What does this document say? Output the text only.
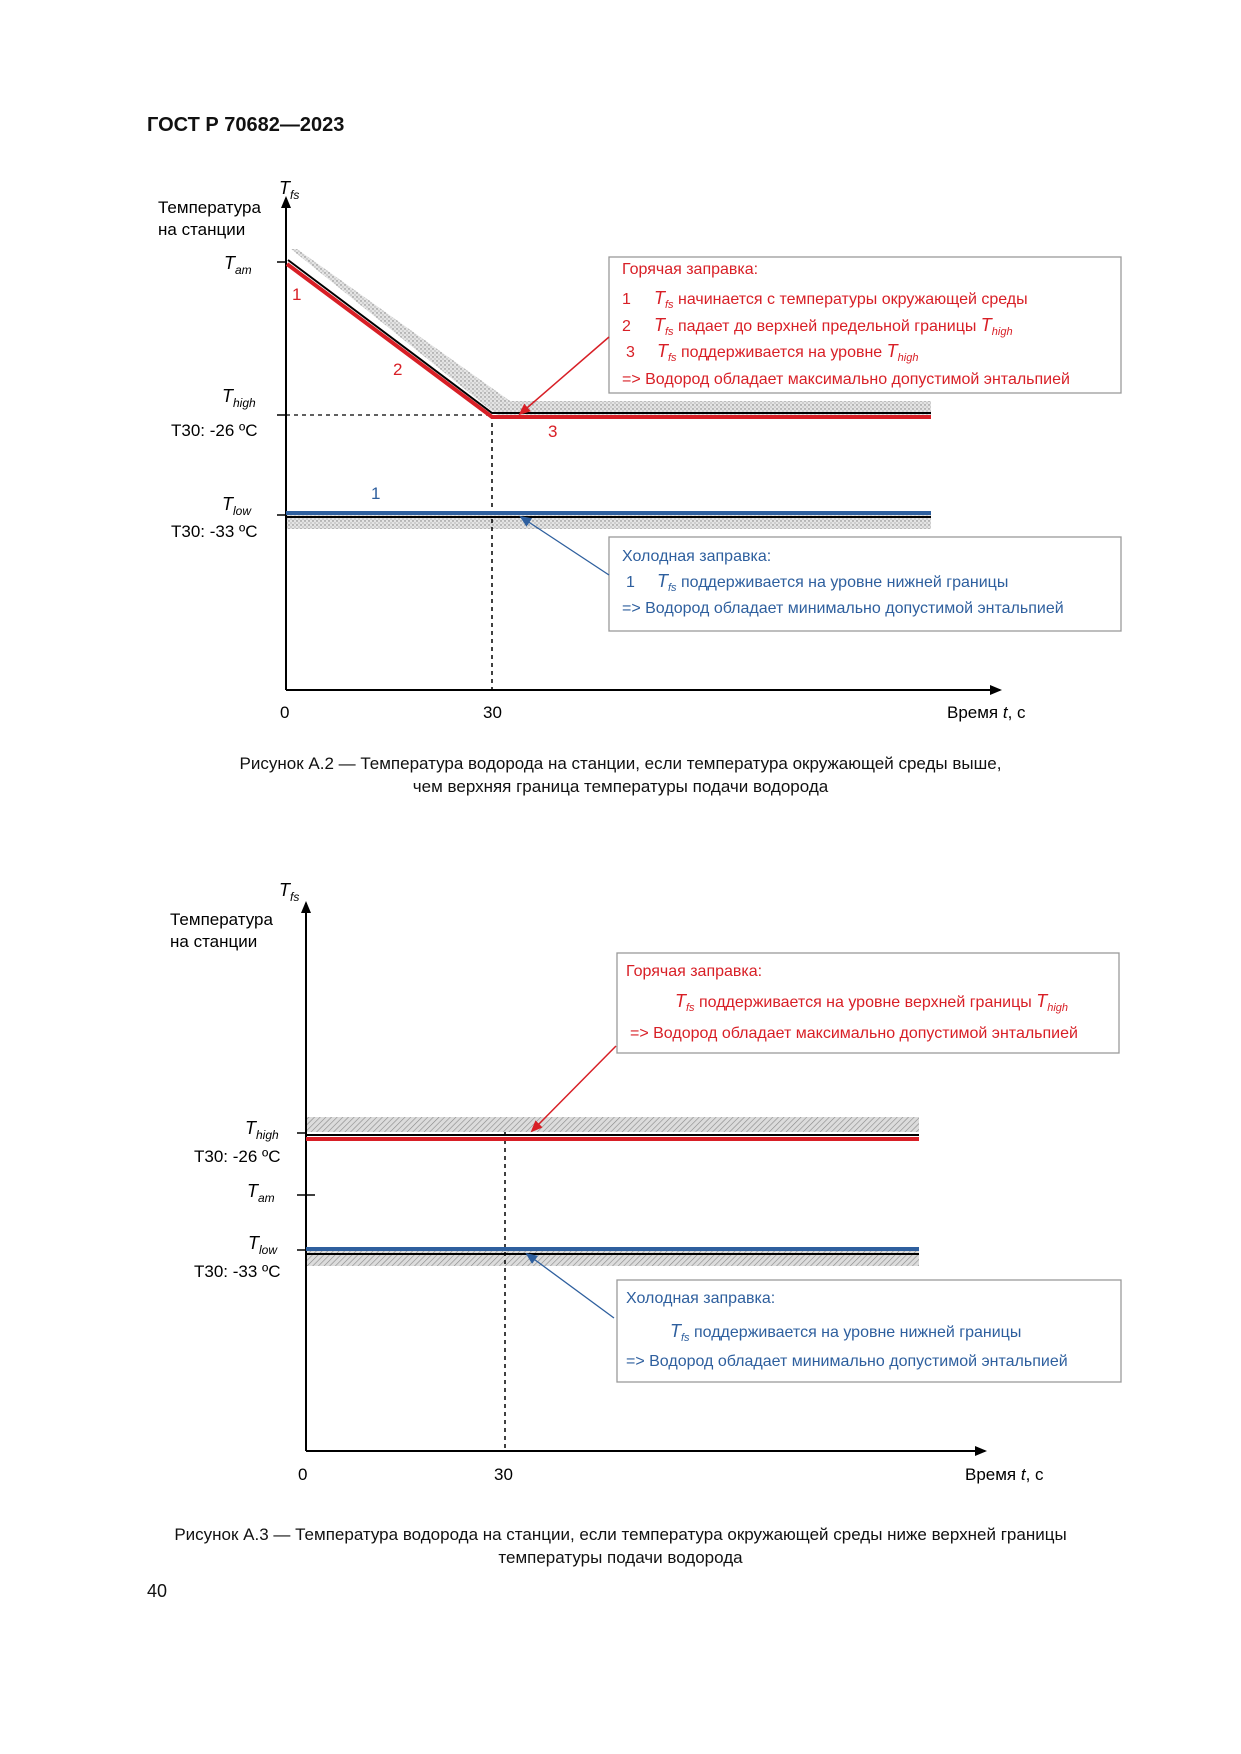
ГОСТ Р 70682—2023
$T_{fs}$
Температура
на станции
0	30	Время t, с
$T_{am}$
$T_{high}$
T30: -26 ºC
$T_{low}$
T30: -33 ºC
1
2
3
1
Горячая заправка:
1 $T_{fs}$ начинается с температуры окружающей среды
2 $T_{fs}$ падает до верхней предельной границы $T_{high}$
3 $T_{fs}$ поддерживается на уровне $T_{high}$
=> Водород обладает максимально допустимой энтальпией
Холодная заправка:
1 $T_{fs}$ поддерживается на уровне нижней границы
=> Водород обладает минимально допустимой энтальпией
Рисунок А.2 — Температура водорода на станции, если температура окружающей среды выше,
чем верхняя граница температуры подачи водорода
$T_{fs}$
Температура
на станции
0	30	Время t, с
$T_{high}$
T30: -26 ºC
$T_{am}$
$T_{low}$
T30: -33 ºC
Горячая заправка:
$T_{fs}$ поддерживается на уровне верхней границы $T_{high}$
=> Водород обладает максимально допустимой энтальпией
Холодная заправка:
$T_{fs}$ поддерживается на уровне нижней границы
=> Водород обладает минимально допустимой энтальпией
Рисунок А.3 — Температура водорода на станции, если температура окружающей среды ниже верхней границы
температуры подачи водорода
40
